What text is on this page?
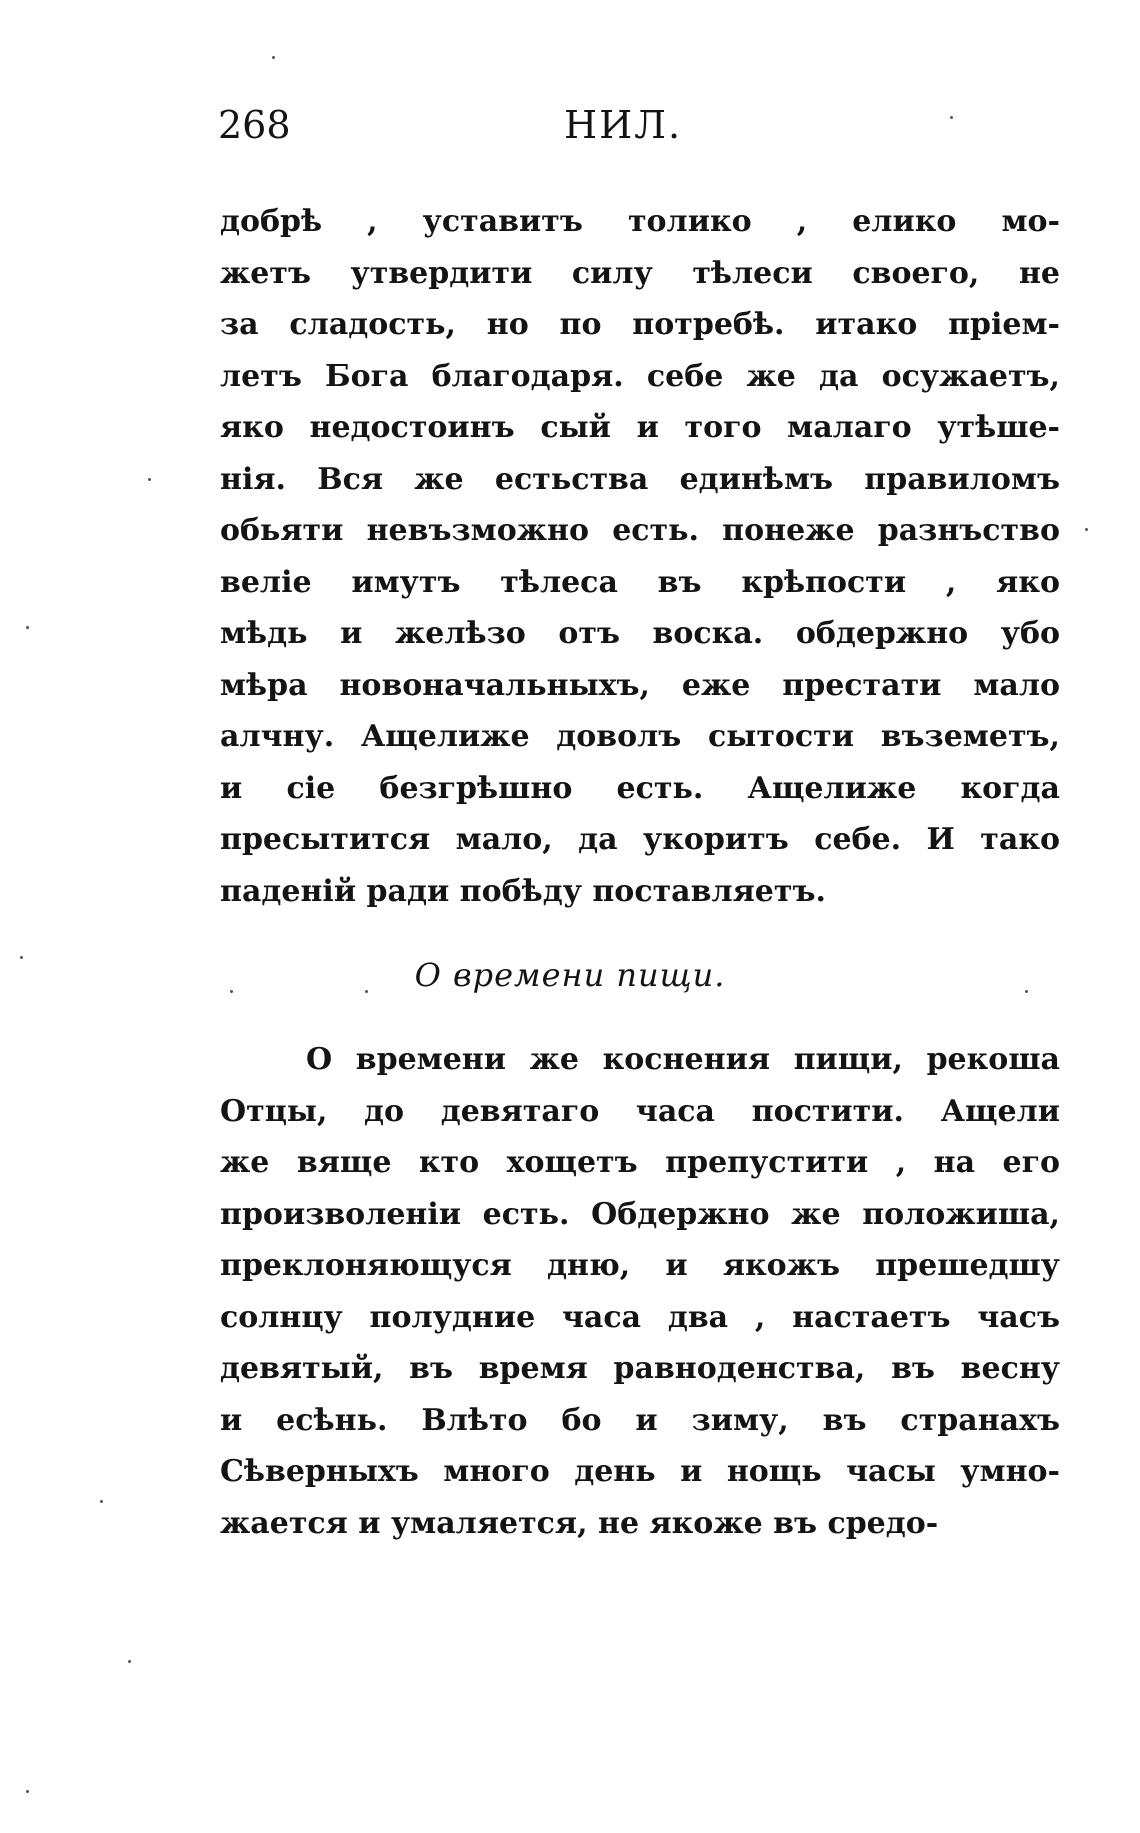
268	НИЛ.
добрѣ , уставитъ толико , елико мо-
жетъ утвердити силу тѣлеси своего, не
за сладость, но по потребѣ. итако пріем-
летъ Бога благодаря. себе же да осужаетъ,
яко недостоинъ сый и того малаго утѣше-
нія. Вся же естьства единѣмъ правиломъ
обьяти невъзможно есть. понеже разнъство
веліе имутъ тѣлеса въ крѣпости , яко
мѣдь и желѣзо отъ воска. обдержно убо
мѣра новоначальныхъ, еже престати мало
алчну. Ащелиже доволъ сытости въземетъ,
и сіе безгрѣшно есть. Ащелиже когда
пресытится мало, да укоритъ себе. И тако
паденій ради побѣду поставляетъ.
О времени пищи.
О времени же коснения пищи, рекоша
Отцы, до девятаго часа постити. Ащели
же вяще кто хощетъ препустити , на его
произволеніи есть. Обдержно же положиша,
преклоняющуся дню, и якожъ прешедшу
солнцу полудние часа два , настаетъ часъ
девятый, въ время равноденства, въ весну
и есѣнь. Влѣто бо и зиму, въ странахъ
Сѣверныхъ много день и нощь часы умно-
жается и умаляется, не якоже въ средо-
